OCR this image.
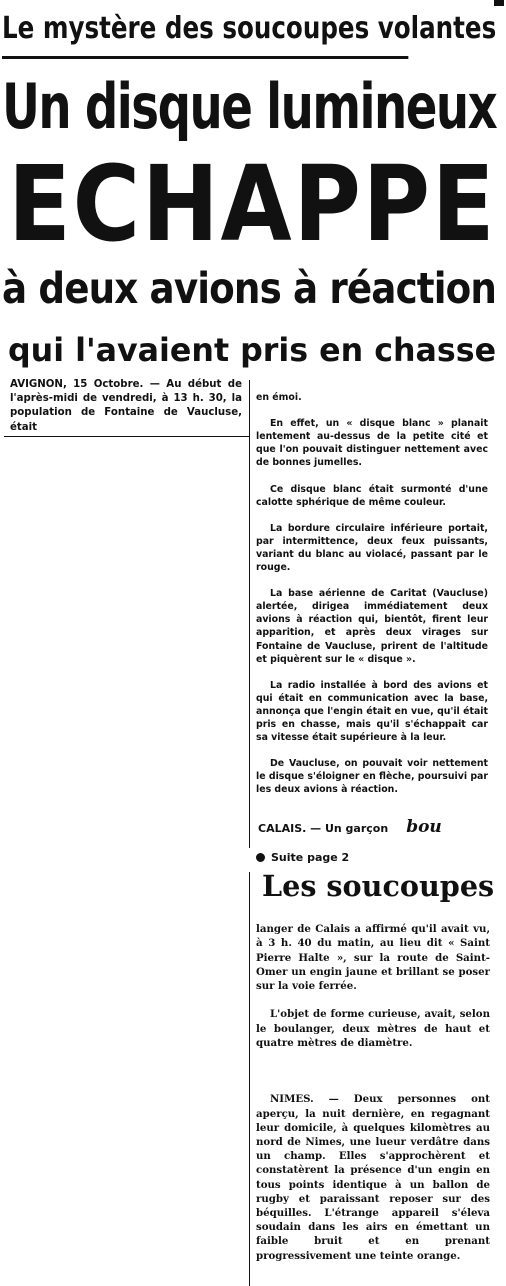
Le mystère des soucoupes volantes
Un disque lumineux
ECHAPPE
à deux avions à réaction
qui l'avaient pris en chasse
AVIGNON, 15 Octobre. — Au début de l'après-midi de vendredi, à 13 h. 30, la population de Fontaine de Vaucluse, était

en émoi.

En effet, un « disque blanc » planait lentement au-dessus de la petite cité et que l'on pouvait distinguer nettement avec de bonnes jumelles.

Ce disque blanc était surmonté d'une calotte sphérique de même couleur.

La bordure circulaire inférieure portait, par intermittence, deux feux puissants, variant du blanc au violacé, passant par le rouge.

La base aérienne de Caritat (Vaucluse) alertée, dirigea immédiatement deux avions à réaction qui, bientôt, firent leur apparition, et après deux virages sur Fontaine de Vaucluse, prirent de l'altitude et piquèrent sur le « disque ».

La radio installée à bord des avions et qui était en communication avec la base, annonça que l'engin était en vue, qu'il était pris en chasse, mais qu'il s'échappait car sa vitesse était supérieure à la leur.

De Vaucluse, on pouvait voir nettement le disque s'éloigner en flèche, poursuivi par les deux avions à réaction.

CALAIS. — Un garçon bou
Suite page 2
Les soucoupes

langer de Calais a affirmé qu'il avait vu, à 3 h. 40 du matin, au lieu dit « Saint Pierre Halte », sur la route de Saint-Omer un engin jaune et brillant se poser sur la voie ferrée.

L'objet de forme curieuse, avait, selon le boulanger, deux mètres de haut et quatre mètres de diamètre.

NIMES. — Deux personnes ont aperçu, la nuit dernière, en regagnant leur domicile, à quelques kilomètres au nord de Nimes, une lueur verdâtre dans un champ. Elles s'approchèrent et constatèrent la présence d'un engin en tous points identique à un ballon de rugby et paraissant reposer sur des béquilles. L'étrange appareil s'éleva soudain dans les airs en émettant un faible bruit et en prenant progressivement une teinte orange.
